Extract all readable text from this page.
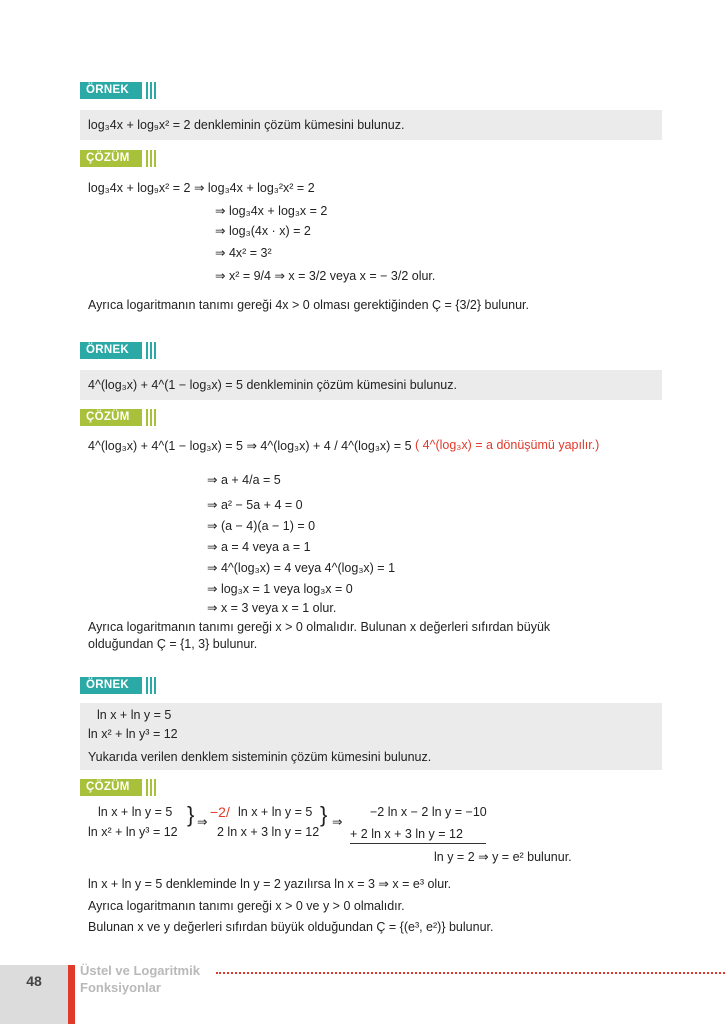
ÖRNEK
log₃4x + log₉x² = 2 denkleminin çözüm kümesini bulunuz.
ÇÖZÜM
log₃4x + log₉x² = 2 ⇒ log₃4x + log₃²x² = 2
⇒ log₃4x + log₃x = 2
⇒ log₃(4x · x) = 2
⇒ 4x² = 3²
⇒ x² = 9/4 ⇒ x = 3/2 veya x = − 3/2 olur.
Ayrıca logaritmanın tanımı gereği 4x > 0 olması gerektiğinden Ç = {3/2} bulunur.
ÖRNEK
4^(log₃x) + 4^(1 − log₃x) = 5 denkleminin çözüm kümesini bulunuz.
ÇÖZÜM
4^(log₃x) + 4^(1 − log₃x) = 5 ⇒ 4^(log₃x) + 4 / 4^(log₃x) = 5 ( 4^(log₃x) = a dönüşümü yapılır.)
⇒ a + 4/a = 5
⇒ a² − 5a + 4 = 0
⇒ (a − 4)(a − 1) = 0
⇒ a = 4 veya a = 1
⇒ 4^(log₃x) = 4 veya 4^(log₃x) = 1
⇒ log₃x = 1 veya log₃x = 0
⇒ x = 3 veya x = 1 olur.
Ayrıca logaritmanın tanımı gereği x > 0 olmalıdır. Bulunan x değerleri sıfırdan büyük
olduğundan Ç = {1, 3} bulunur.
ÖRNEK
ln x + ln y = 5
ln x² + ln y³ = 12
Yukarıda verilen denklem sisteminin çözüm kümesini bulunuz.
ÇÖZÜM
ln x + ln y = 5
ln x² + ln y³ = 12
} ⇒
−2/ ln x + ln y = 5
2 ln x + 3 ln y = 12
} ⇒
−2 ln x − 2 ln y = −10
+ 2 ln x + 3 ln y = 12
ln y = 2 ⇒ y = e² bulunur.
ln x + ln y = 5 denkleminde ln y = 2 yazılırsa ln x = 3 ⇒ x = e³ olur.
Ayrıca logaritmanın tanımı gereği x > 0 ve y > 0 olmalıdır.
Bulunan x ve y değerleri sıfırdan büyük olduğundan Ç = {(e³, e²)} bulunur.
48
Üstel ve Logaritmik
Fonksiyonlar
